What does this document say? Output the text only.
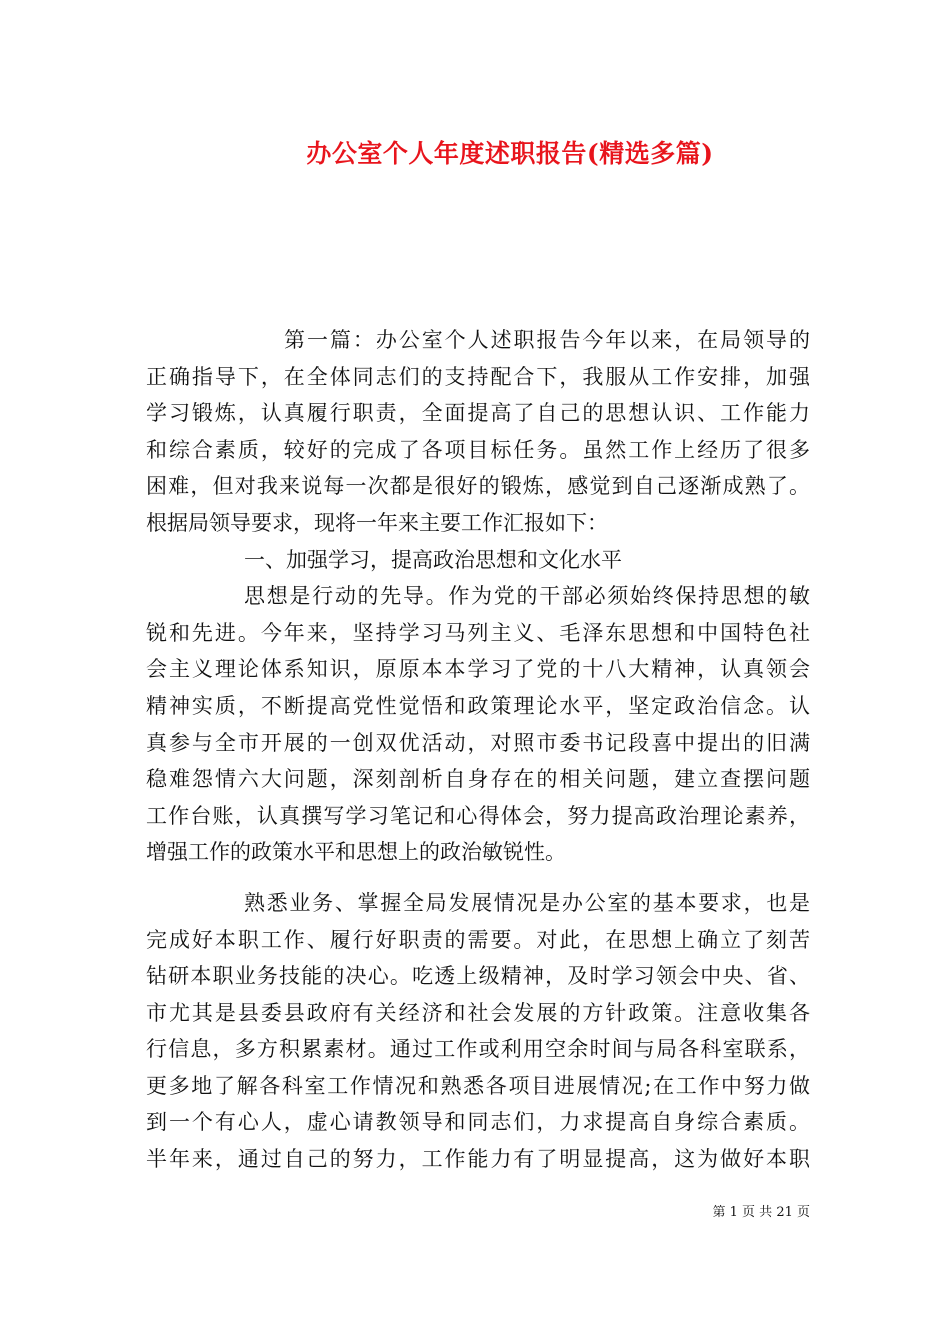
办公室个人年度述职报告(精选多篇)
第一篇：办公室个人述职报告今年以来，在局领导的
正确指导下，在全体同志们的支持配合下，我服从工作安排，加强
学习锻炼，认真履行职责，全面提高了自己的思想认识、工作能力
和综合素质，较好的完成了各项目标任务。虽然工作上经历了很多
困难，但对我来说每一次都是很好的锻炼，感觉到自己逐渐成熟了。
根据局领导要求，现将一年来主要工作汇报如下：
一、加强学习，提高政治思想和文化水平
思想是行动的先导。作为党的干部必须始终保持思想的敏
锐和先进。今年来，坚持学习马列主义、毛泽东思想和中国特色社
会主义理论体系知识，原原本本学习了党的十八大精神，认真领会
精神实质，不断提高党性觉悟和政策理论水平，坚定政治信念。认
真参与全市开展的一创双优活动，对照市委书记段喜中提出的旧满
稳难怨情六大问题，深刻剖析自身存在的相关问题，建立查摆问题
工作台账，认真撰写学习笔记和心得体会，努力提高政治理论素养，
增强工作的政策水平和思想上的政治敏锐性。
熟悉业务、掌握全局发展情况是办公室的基本要求，也是
完成好本职工作、履行好职责的需要。对此，在思想上确立了刻苦
钻研本职业务技能的决心。吃透上级精神，及时学习领会中央、省、
市尤其是县委县政府有关经济和社会发展的方针政策。注意收集各
行信息，多方积累素材。通过工作或利用空余时间与局各科室联系，
更多地了解各科室工作情况和熟悉各项目进展情况;在工作中努力做
到一个有心人，虚心请教领导和同志们，力求提高自身综合素质。
半年来，通过自己的努力，工作能力有了明显提高，这为做好本职
第 1 页 共 21 页
